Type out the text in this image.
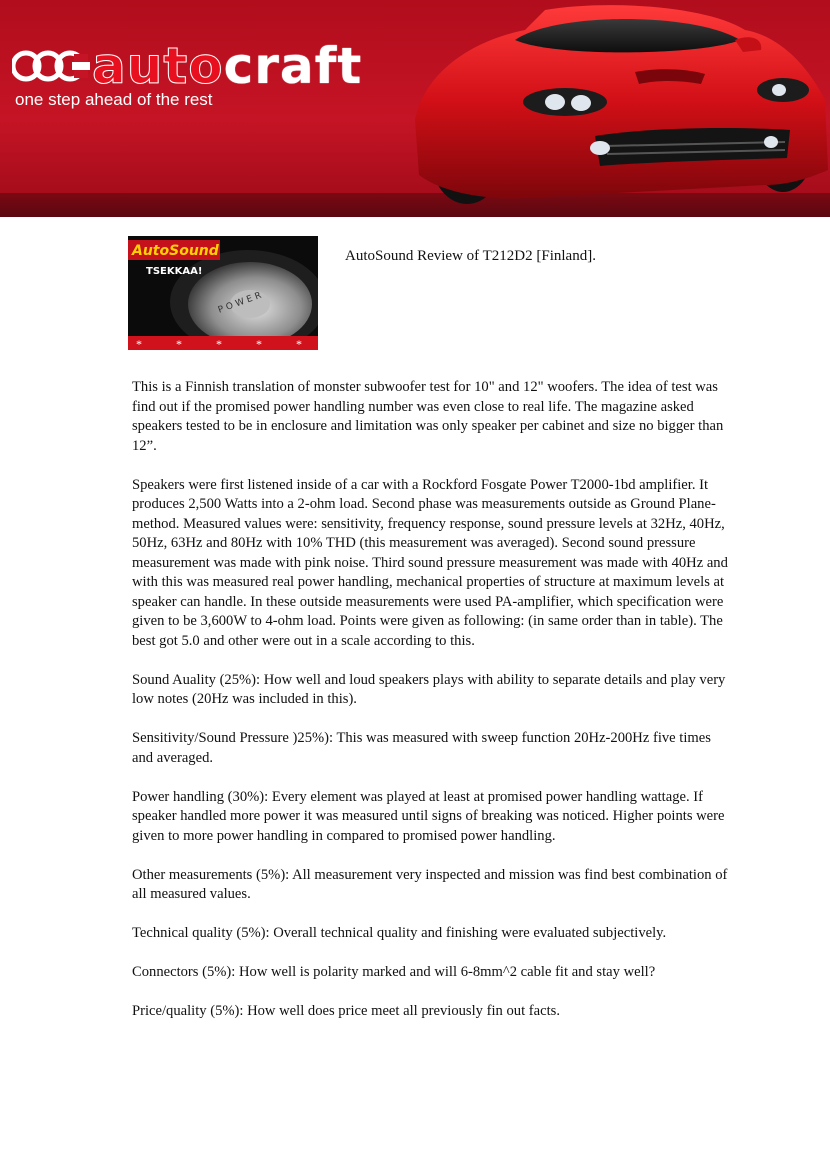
autocraft
one step ahead of the rest
POWER
AutoSound
TSEKKAA!
*	*	*	*	*
AutoSound Review of T212D2 [Finland].

This is a Finnish translation of monster subwoofer test for 10" and 12" woofers. The idea of test was find out if the promised power handling number was even close to real life. The magazine asked speakers tested to be in enclosure and limitation was only speaker per cabinet and size no bigger than 12”.

Speakers were first listened inside of a car with a Rockford Fosgate Power T2000-1bd amplifier. It produces 2,500 Watts into a 2-ohm load. Second phase was measurements outside as Ground Plane-method. Measured values were: sensitivity, frequency response, sound pressure levels at 32Hz, 40Hz, 50Hz, 63Hz and 80Hz with 10% THD (this measurement was averaged). Second sound pressure measurement was made with pink noise. Third sound pressure measurement was made with 40Hz and with this was measured real power handling, mechanical properties of structure at maximum levels at speaker can handle. In these outside measurements were used PA-amplifier, which specification were given to be 3,600W to 4-ohm load. Points were given as following: (in same order than in table). The best got 5.0 and other were out in a scale according to this.

Sound Auality (25%): How well and loud speakers plays with ability to separate details and play very low notes (20Hz was included in this).

Sensitivity/Sound Pressure )25%): This was measured with sweep function 20Hz-200Hz five times and averaged.

Power handling (30%): Every element was played at least at promised power handling wattage. If speaker handled more power it was measured until signs of breaking was noticed. Higher points were given to more power handling in compared to promised power handling.

Other measurements (5%): All measurement very inspected and mission was find best combination of all measured values.

Technical quality (5%): Overall technical quality and finishing were evaluated subjectively.

Connectors (5%): How well is polarity marked and will 6-8mm^2 cable fit and stay well?

Price/quality (5%): How well does price meet all previously fin out facts.
